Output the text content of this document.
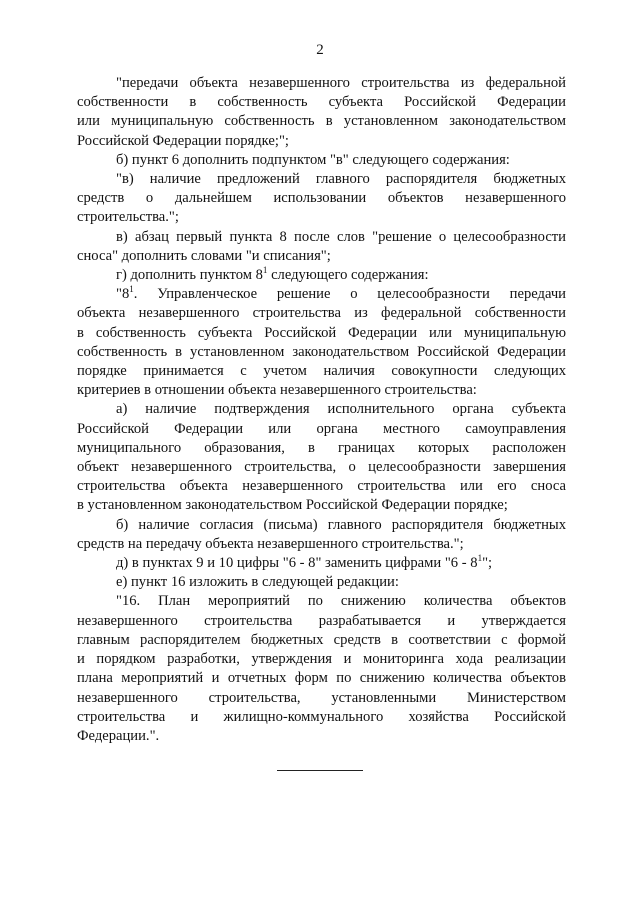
2

"передачи объекта незавершенного строительства из федеральной
собственности в собственность субъекта Российской Федерации
или муниципальную собственность в установленном законодательством
Российской Федерации порядке;";
б) пункт 6 дополнить подпунктом "в" следующего содержания:
"в) наличие предложений главного распорядителя бюджетных
средств о дальнейшем использовании объектов незавершенного
строительства.";
в) абзац первый пункта 8 после слов "решение о целесообразности
сноса" дополнить словами "и списания";
г) дополнить пунктом $8^1$ следующего содержания:
"$8^1$. Управленческое решение о целесообразности передачи
объекта незавершенного строительства из федеральной собственности
в собственность субъекта Российской Федерации или муниципальную
собственность в установленном законодательством Российской Федерации
порядке принимается с учетом наличия совокупности следующих
критериев в отношении объекта незавершенного строительства:
а) наличие подтверждения исполнительного органа субъекта
Российской Федерации или органа местного самоуправления
муниципального образования, в границах которых расположен
объект незавершенного строительства, о целесообразности завершения
строительства объекта незавершенного строительства или его сноса
в установленном законодательством Российской Федерации порядке;
б) наличие согласия (письма) главного распорядителя бюджетных
средств на передачу объекта незавершенного строительства.";
д) в пунктах 9 и 10 цифры "6 - 8" заменить цифрами "$6 - 8^1$";
е) пункт 16 изложить в следующей редакции:
"16. План мероприятий по снижению количества объектов
незавершенного строительства разрабатывается и утверждается
главным распорядителем бюджетных средств в соответствии с формой
и порядком разработки, утверждения и мониторинга хода реализации
плана мероприятий и отчетных форм по снижению количества объектов
незавершенного строительства, установленными Министерством
строительства и жилищно-коммунального хозяйства Российской
Федерации.".
